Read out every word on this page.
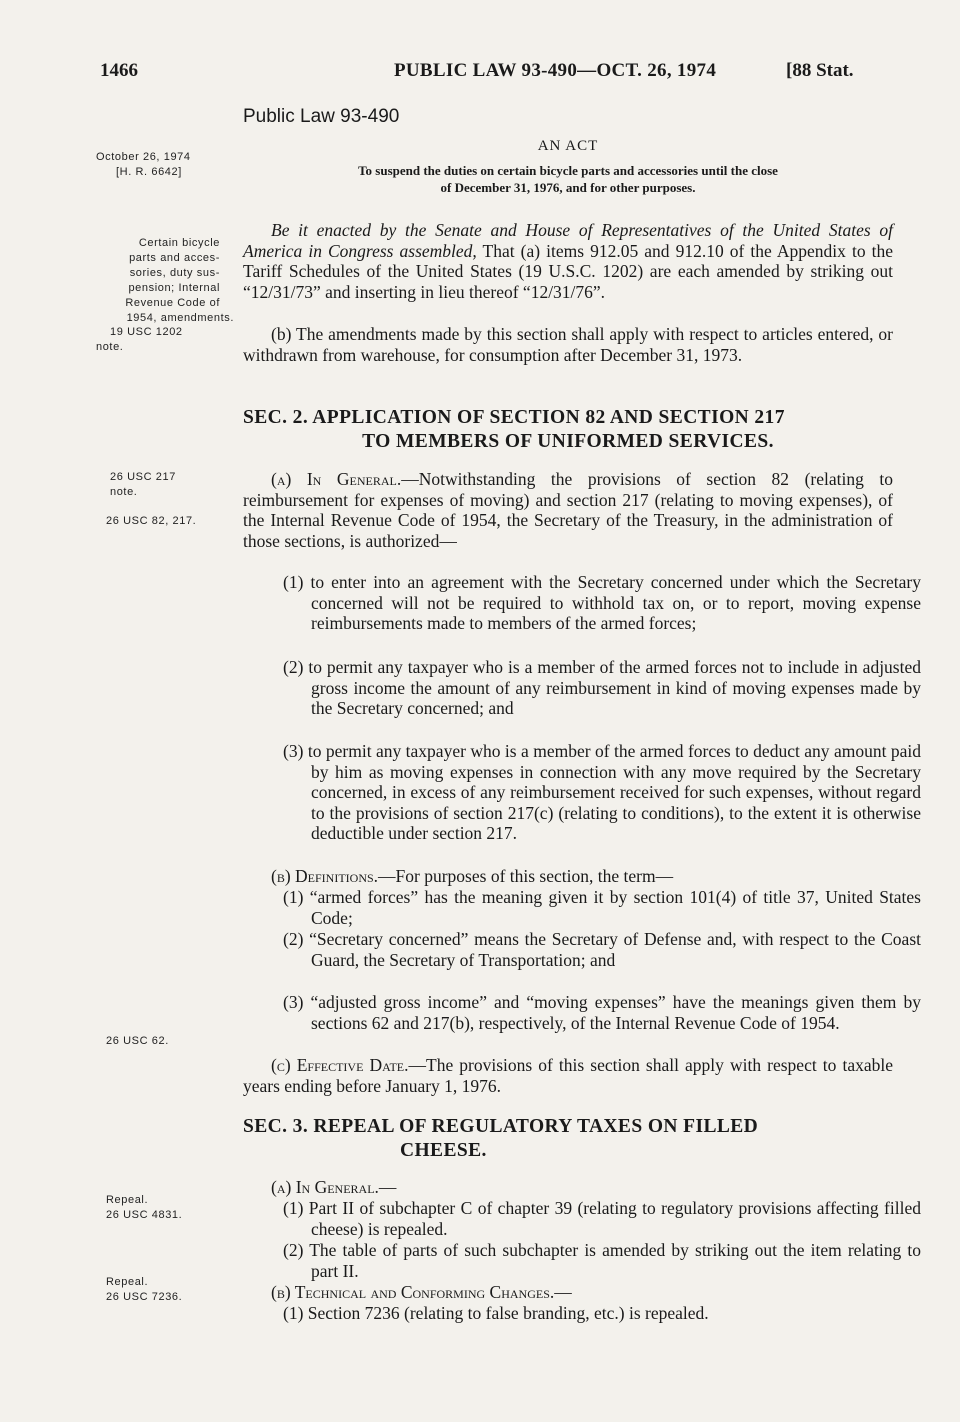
1466	PUBLIC LAW 93-490—OCT. 26, 1974	[88 Stat.
Public Law 93-490
AN ACT
To suspend the duties on certain bicycle parts and accessories until the close
of December 31, 1976, and for other purposes.
October 26, 1974
[H. R. 6642]
Certain bicycle
parts and acces-
sories, duty sus-
pension; Internal
Revenue Code of
1954, amendments.
19 USC 1202
note.
26 USC 217
note.
26 USC 82, 217.
26 USC 62.
Repeal.
26 USC 4831.
Repeal.
26 USC 7236.

Be it enacted by the Senate and House of Representatives of the United States of America in Congress assembled, That (a) items 912.05 and 912.10 of the Appendix to the Tariff Schedules of the United States (19 U.S.C. 1202) are each amended by striking out “12/31/73” and inserting in lieu thereof “12/31/76”.

(b) The amendments made by this section shall apply with respect to articles entered, or withdrawn from warehouse, for consumption after December 31, 1973.

SEC. 2. APPLICATION OF SECTION 82 AND SECTION 217
TO MEMBERS OF UNIFORMED SERVICES.
(a) In General.—Notwithstanding the provisions of section 82 (relating to reimbursement for expenses of moving) and section 217 (relating to moving expenses), of the Internal Revenue Code of 1954, the Secretary of the Treasury, in the administration of those sections, is authorized—
(1) to enter into an agreement with the Secretary concerned under which the Secretary concerned will not be required to withhold tax on, or to report, moving expense reimbursements made to members of the armed forces;
(2) to permit any taxpayer who is a member of the armed forces not to include in adjusted gross income the amount of any reimbursement in kind of moving expenses made by the Secretary concerned; and
(3) to permit any taxpayer who is a member of the armed forces to deduct any amount paid by him as moving expenses in connection with any move required by the Secretary concerned, in excess of any reimbursement received for such expenses, without regard to the provisions of section 217(c) (relating to conditions), to the extent it is otherwise deductible under section 217.
(b) Definitions.—For purposes of this section, the term—
(1) “armed forces” has the meaning given it by section 101(4) of title 37, United States Code;
(2) “Secretary concerned” means the Secretary of Defense and, with respect to the Coast Guard, the Secretary of Transportation; and
(3) “adjusted gross income” and “moving expenses” have the meanings given them by sections 62 and 217(b), respectively, of the Internal Revenue Code of 1954.
(c) Effective Date.—The provisions of this section shall apply with respect to taxable years ending before January 1, 1976.
SEC. 3. REPEAL OF REGULATORY TAXES ON FILLED
CHEESE.
(a) In General.—
(1) Part II of subchapter C of chapter 39 (relating to regulatory provisions affecting filled cheese) is repealed.
(2) The table of parts of such subchapter is amended by striking out the item relating to part II.
(b) Technical and Conforming Changes.—
(1) Section 7236 (relating to false branding, etc.) is repealed.
